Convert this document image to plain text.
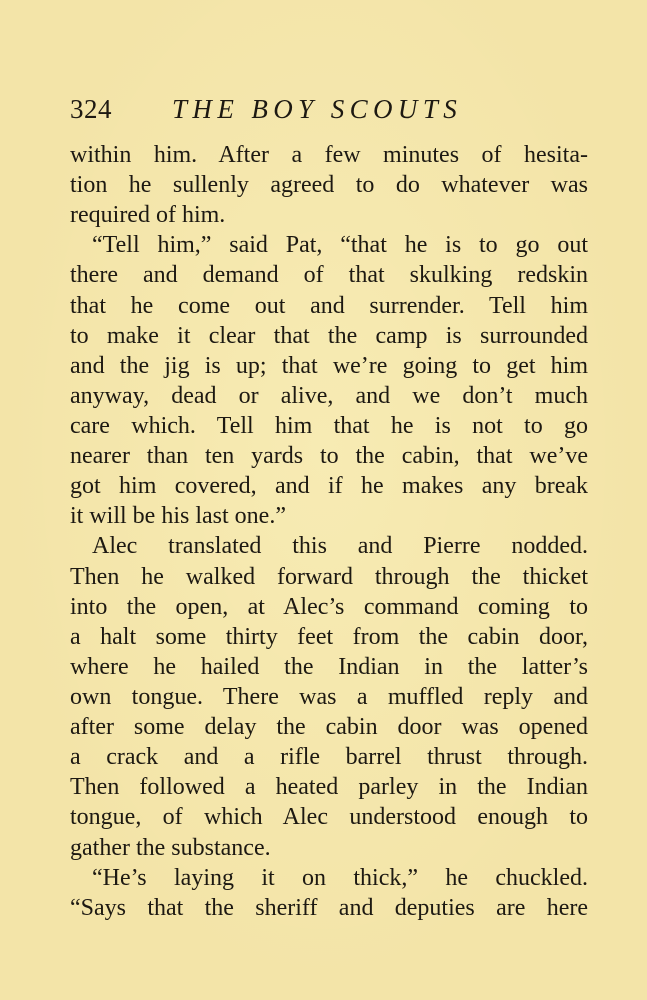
324 THE BOY SCOUTS
within him. After a few minutes of hesita-
tion he sullenly agreed to do whatever was
required of him.
“Tell him,” said Pat, “that he is to go out
there and demand of that skulking redskin
that he come out and surrender. Tell him
to make it clear that the camp is surrounded
and the jig is up; that we’re going to get him
anyway, dead or alive, and we don’t much
care which. Tell him that he is not to go
nearer than ten yards to the cabin, that we’ve
got him covered, and if he makes any break
it will be his last one.”
Alec translated this and Pierre nodded.
Then he walked forward through the thicket
into the open, at Alec’s command coming to
a halt some thirty feet from the cabin door,
where he hailed the Indian in the latter’s
own tongue. There was a muffled reply and
after some delay the cabin door was opened
a crack and a rifle barrel thrust through.
Then followed a heated parley in the Indian
tongue, of which Alec understood enough to
gather the substance.
“He’s laying it on thick,” he chuckled.
“Says that the sheriff and deputies are here
